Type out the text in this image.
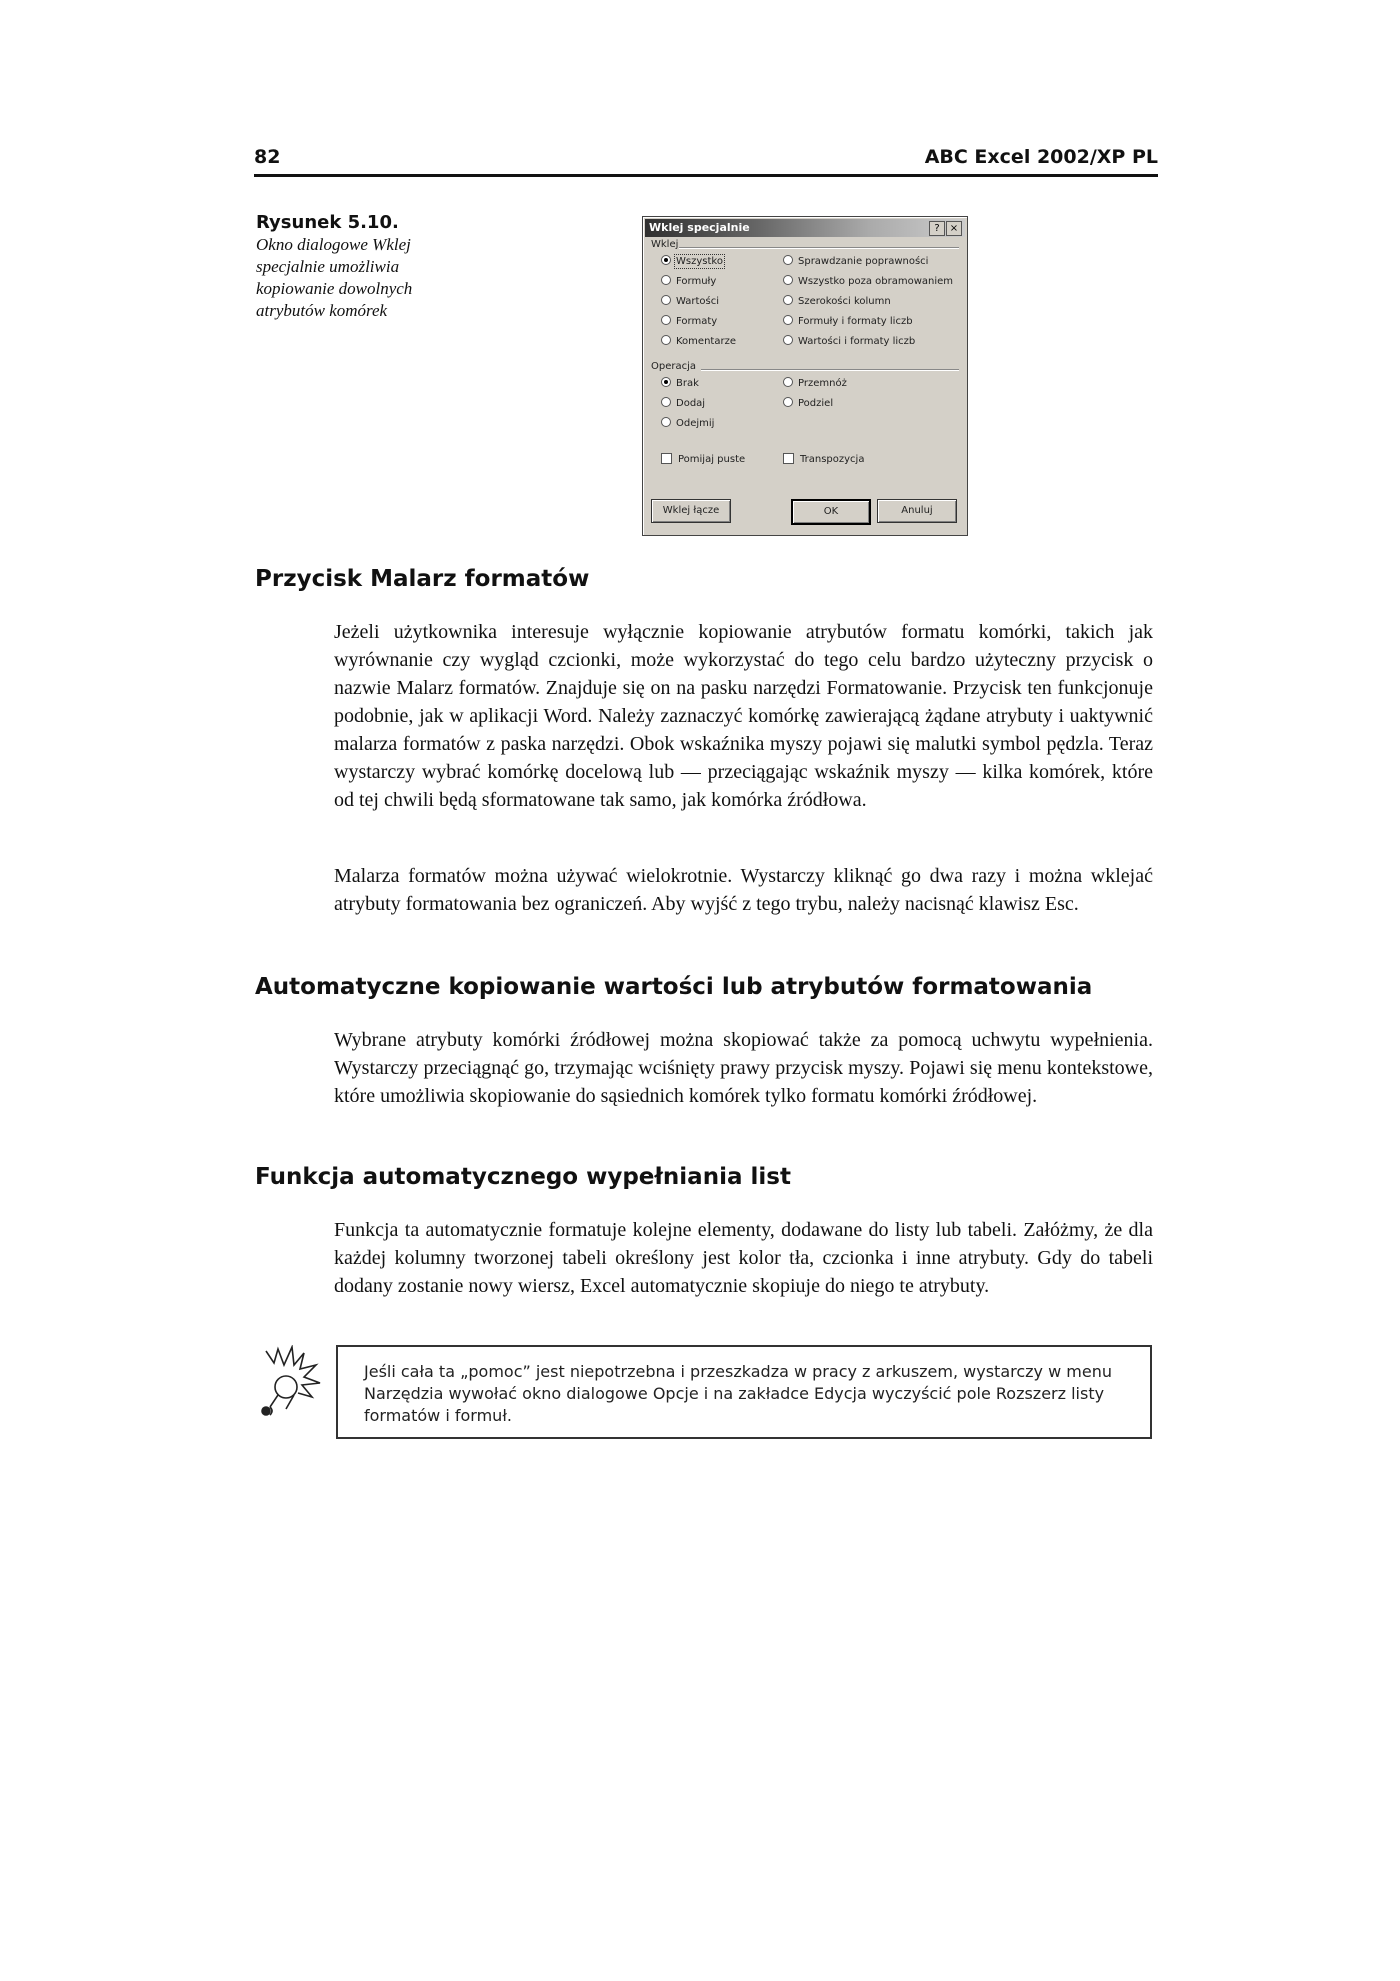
82	ABC Excel 2002/XP PL
Rysunek 5.10.
Okno dialogowe Wklej specjalnie umożliwia kopiowanie dowolnych atrybutów komórek
Wklej specjalnie	?	×
Wklej
Wszystko
Formuły
Wartości
Formaty
Komentarze
Sprawdzanie poprawności
Wszystko poza obramowaniem
Szerokości kolumn
Formuły i formaty liczb
Wartości i formaty liczb
Operacja
Brak
Dodaj
Odejmij
Przemnóż
Podziel
Pomijaj puste	Transpozycja
Wklej łącze	OK	Anuluj
Przycisk Malarz formatów

Jeżeli użytkownika interesuje wyłącznie kopiowanie atrybutów formatu komórki, takich jak wyrównanie czy wygląd czcionki, może wykorzystać do tego celu bardzo użyteczny przycisk o nazwie Malarz formatów. Znajduje się on na pasku narzędzi Formatowanie. Przycisk ten funkcjonuje podobnie, jak w aplikacji Word. Należy zaznaczyć komórkę zawierającą żądane atrybuty i uaktywnić malarza formatów z paska narzędzi. Obok wskaźnika myszy pojawi się malutki symbol pędzla. Teraz wystarczy wybrać komórkę docelową lub — przeciągając wskaźnik myszy — kilka komórek, które od tej chwili będą sformatowane tak samo, jak komórka źródłowa.

Malarza formatów można używać wielokrotnie. Wystarczy kliknąć go dwa razy i można wklejać atrybuty formatowania bez ograniczeń. Aby wyjść z tego trybu, należy nacisnąć klawisz Esc.

Automatyczne kopiowanie wartości lub atrybutów formatowania

Wybrane atrybuty komórki źródłowej można skopiować także za pomocą uchwytu wypełnienia. Wystarczy przeciągnąć go, trzymając wciśnięty prawy przycisk myszy. Pojawi się menu kontekstowe, które umożliwia skopiowanie do sąsiednich komórek tylko formatu komórki źródłowej.

Funkcja automatycznego wypełniania list

Funkcja ta automatycznie formatuje kolejne elementy, dodawane do listy lub tabeli. Załóżmy, że dla każdej kolumny tworzonej tabeli określony jest kolor tła, czcionka i inne atrybuty. Gdy do tabeli dodany zostanie nowy wiersz, Excel automatycznie skopiuje do niego te atrybuty.

Jeśli cała ta „pomoc” jest niepotrzebna i przeszkadza w pracy z arkuszem, wystarczy w menu Narzędzia wywołać okno dialogowe Opcje i na zakładce Edycja wyczyścić pole Rozszerz listy formatów i formuł.
